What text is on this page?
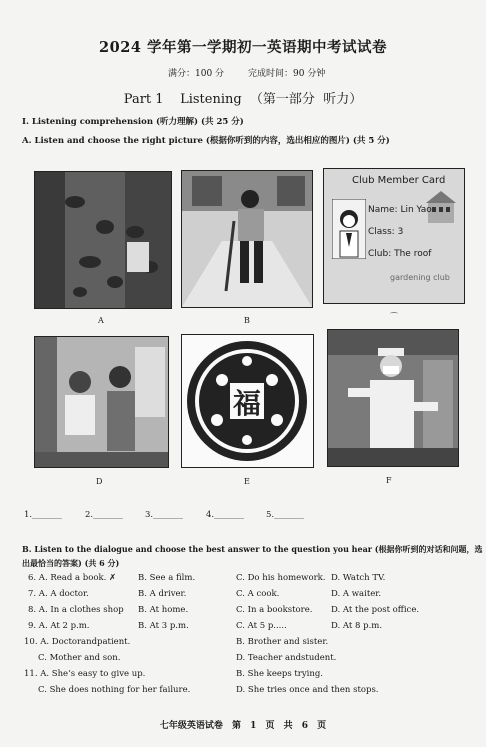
2024 学年第一学期初一英语期中考试试卷
满分：100 分	完成时间：90 分钟
Part 1    Listening  （第一部分  听力）
I. Listening comprehension (听力理解) (共 25 分)
A. Listen and choose the right picture (根据你听到的内容，选出相应的图片) (共 5 分)
A	B
Club Member Card
Name: Lin Yao
Class: 3
Club: The roof
gardening club
⌒
D
福
E	F
1._______	2._______	3._______	4._______	5._______
B. Listen to the dialogue and choose the best answer to the question you hear (根据你听到的对话和问题，选
出最恰当的答案) (共 6 分)
6. A. Read a book. ✗	B. See a film.	C. Do his homework. D. Watch TV.
7. A. A doctor.	B. A driver.	C. A cook.	D. A waiter.
8. A. In a clothes shop B. At home.	C. In a bookstore. D. At the post office.
9. A. At 2 p.m.	B. At 3 p.m.	C. At 5 p.....	D. At 8 p.m.
10. A. Doctorandpatient.	B. Brother and sister.
C. Mother and son.	D. Teacher andstudent.
11. A. She’s easy to give up.	B. She keeps trying.
C. She does nothing for her failure.	D. She tries once and then stops.
七年级英语试卷 第 1 页 共 6 页
